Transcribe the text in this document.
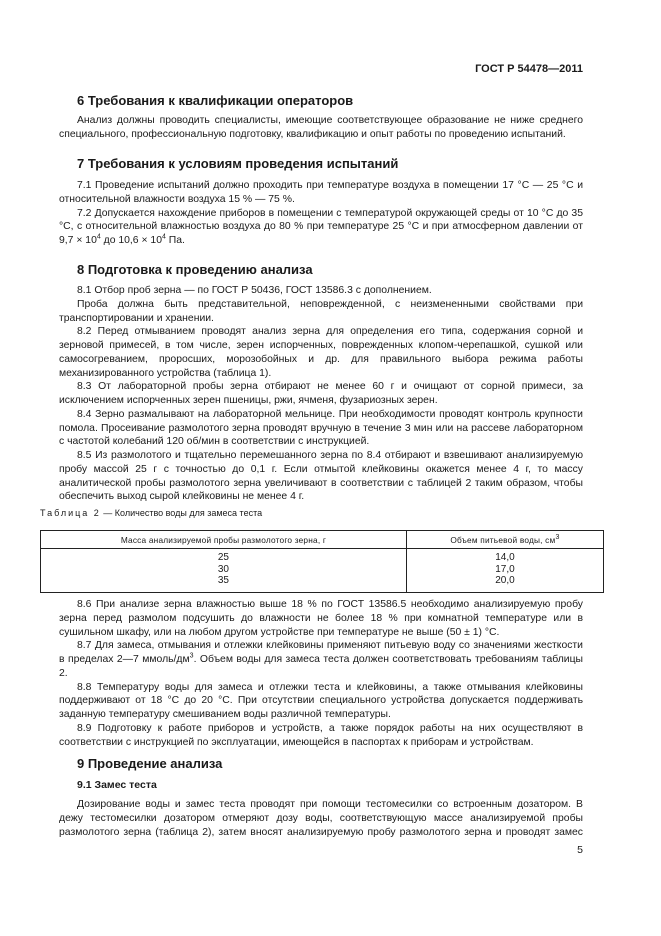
ГОСТ Р 54478—2011
6 Требования к квалификации операторов

Анализ должны проводить специалисты, имеющие соответствующее образование не ниже среднего специального, профессиональную подготовку, квалификацию и опыт работы по проведению испытаний.

7 Требования к условиям проведения испытаний

7.1 Проведение испытаний должно проходить при температуре воздуха в помещении 17 °С — 25 °С и относительной влажности воздуха 15 % — 75 %.

7.2 Допускается нахождение приборов в помещении с температурой окружающей среды от 10 °С до 35 °С, с относительной влажностью воздуха до 80 % при температуре 25 °С и при атмосферном давлении от $9,7 \times 10^4$ до $10,6 \times 10^4$ Па.

8 Подготовка к проведению анализа

8.1 Отбор проб зерна — по ГОСТ Р 50436, ГОСТ 13586.3 с дополнением.

Проба должна быть представительной, неповрежденной, с неизмененными свойствами при транспортировании и хранении.

8.2 Перед отмыванием проводят анализ зерна для определения его типа, содержания сорной и зерновой примесей, в том числе, зерен испорченных, поврежденных клопом-черепашкой, сушкой или самосогреванием, проросших, морозобойных и др. для правильного выбора режима работы механизированного устройства (таблица 1).

8.3 От лабораторной пробы зерна отбирают не менее 60 г и очищают от сорной примеси, за исключением испорченных зерен пшеницы, ржи, ячменя, фузариозных зерен.

8.4 Зерно размалывают на лабораторной мельнице. При необходимости проводят контроль крупности помола. Просеивание размолотого зерна проводят вручную в течение 3 мин или на рассеве лабораторном с частотой колебаний 120 об/мин в соответствии с инструкцией.

8.5 Из размолотого и тщательно перемешанного зерна по 8.4 отбирают и взвешивают анализируемую пробу массой 25 г с точностью до 0,1 г. Если отмытой клейковины окажется менее 4 г, то массу аналитической пробы размолотого зерна увеличивают в соответствии с таблицей 2 таким образом, чтобы обеспечить выход сырой клейковины не менее 4 г.

Таблица 2 — Количество воды для замеса теста
Масса анализируемой пробы размолотого зерна, г	Объем питьевой воды, $см^3$
25	14,0
30	17,0
35	20,0

8.6 При анализе зерна влажностью выше 18 % по ГОСТ 13586.5 необходимо анализируемую пробу зерна перед размолом подсушить до влажности не более 18 % при комнатной температуре или в сушильном шкафу, или на любом другом устройстве при температуре не выше (50 ± 1) °С.

8.7 Для замеса, отмывания и отлежки клейковины применяют питьевую воду со значениями жесткости в пределах 2—7 ммоль/$дм^3$. Объем воды для замеса теста должен соответствовать требованиям таблицы 2.

8.8 Температуру воды для замеса и отлежки теста и клейковины, а также отмывания клейковины поддерживают от 18 °С до 20 °С. При отсутствии специального устройства допускается поддерживать заданную температуру смешиванием воды различной температуры.

8.9 Подготовку к работе приборов и устройств, а также порядок работы на них осуществляют в соответствии с инструкцией по эксплуатации, имеющейся в паспортах к приборам и устройствам.

9 Проведение анализа
9.1 Замес теста

Дозирование воды и замес теста проводят при помощи тестомесилки со встроенным дозатором. В дежу тестомесилки дозатором отмеряют дозу воды, соответствующую массе анализируемой пробы размолотого зерна (таблица 2), затем вносят анализируемую пробу размолотого зерна и проводят замес

5
